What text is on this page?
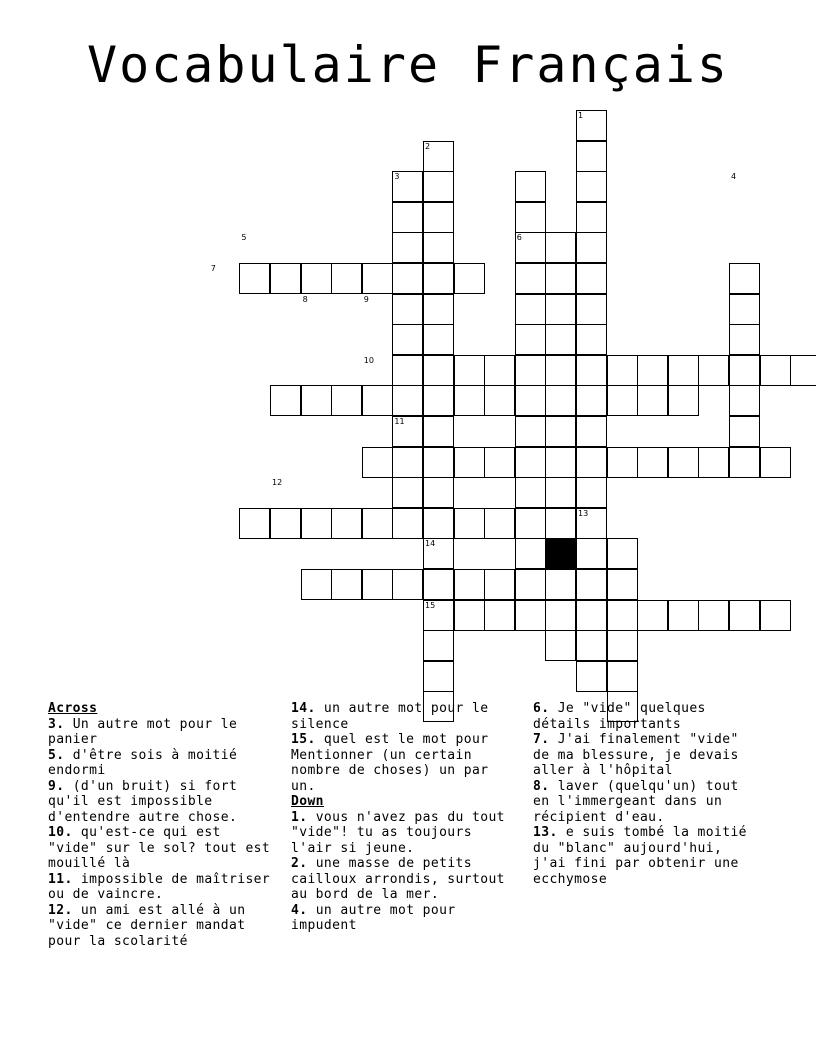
Vocabulaire Français
1
2
3	4
5	6
7
8	9
10
11
12
13
14
15
Across
3. Un autre mot pour le panier
5. d'être sois à moitié endormi
9. (d'un bruit) si fort qu'il est impossible d'entendre autre chose.
10. qu'est-ce qui est "vide" sur le sol? tout est mouillé là
11. impossible de maîtriser ou de vaincre.
12. un ami est allé à un "vide" ce dernier mandat pour la scolarité
14. un autre mot pour le silence
15. quel est le mot pour Mentionner (un certain nombre de choses) un par un.
Down
1. vous n'avez pas du tout "vide"! tu as toujours l'air si jeune.
2. une masse de petits cailloux arrondis, surtout au bord de la mer.
4. un autre mot pour impudent
6. Je "vide" quelques détails importants
7. J'ai finalement "vide" de ma blessure, je devais aller à l'hôpital
8. laver (quelqu'un) tout en l'immergeant dans un récipient d'eau.
13. e suis tombé la moitié du "blanc" aujourd'hui, j'ai fini par obtenir une ecchymose
